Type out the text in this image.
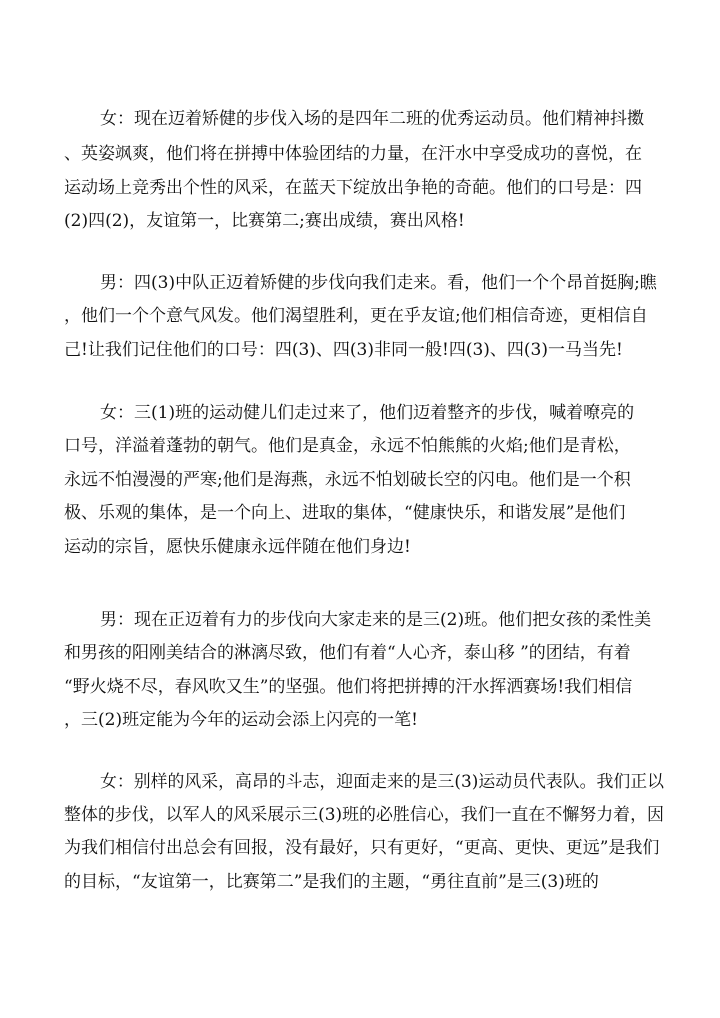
女：现在迈着矫健的步伐入场的是四年二班的优秀运动员。他们精神抖擞
、英姿飒爽，他们将在拼搏中体验团结的力量，在汗水中享受成功的喜悦，在
运动场上竞秀出个性的风采，在蓝天下绽放出争艳的奇葩。他们的口号是：四
(2)四(2)，友谊第一，比赛第二;赛出成绩，赛出风格!
男：四(3)中队正迈着矫健的步伐向我们走来。看，他们一个个昂首挺胸;瞧
，他们一个个意气风发。他们渴望胜利，更在乎友谊;他们相信奇迹，更相信自
己!让我们记住他们的口号：四(3)、四(3)非同一般!四(3)、四(3)一马当先!
女：三(1)班的运动健儿们走过来了，他们迈着整齐的步伐，喊着嘹亮的
口号，洋溢着蓬勃的朝气。他们是真金，永远不怕熊熊的火焰;他们是青松，
永远不怕漫漫的严寒;他们是海燕，永远不怕划破长空的闪电。他们是一个积
极、乐观的集体，是一个向上、进取的集体，“健康快乐，和谐发展”是他们
运动的宗旨，愿快乐健康永远伴随在他们身边!
男：现在正迈着有力的步伐向大家走来的是三(2)班。他们把女孩的柔性美
和男孩的阳刚美结合的淋漓尽致，他们有着“人心齐，泰山移 ”的团结，有着
“野火烧不尽，春风吹又生”的坚强。他们将把拼搏的汗水挥洒赛场!我们相信
，三(2)班定能为今年的运动会添上闪亮的一笔!
女：别样的风采，高昂的斗志，迎面走来的是三(3)运动员代表队。我们正以
整体的步伐，以军人的风采展示三(3)班的必胜信心，我们一直在不懈努力着，因
为我们相信付出总会有回报，没有最好，只有更好，“更高、更快、更远”是我们
的目标，“友谊第一，比赛第二”是我们的主题，“勇往直前”是三(3)班的
